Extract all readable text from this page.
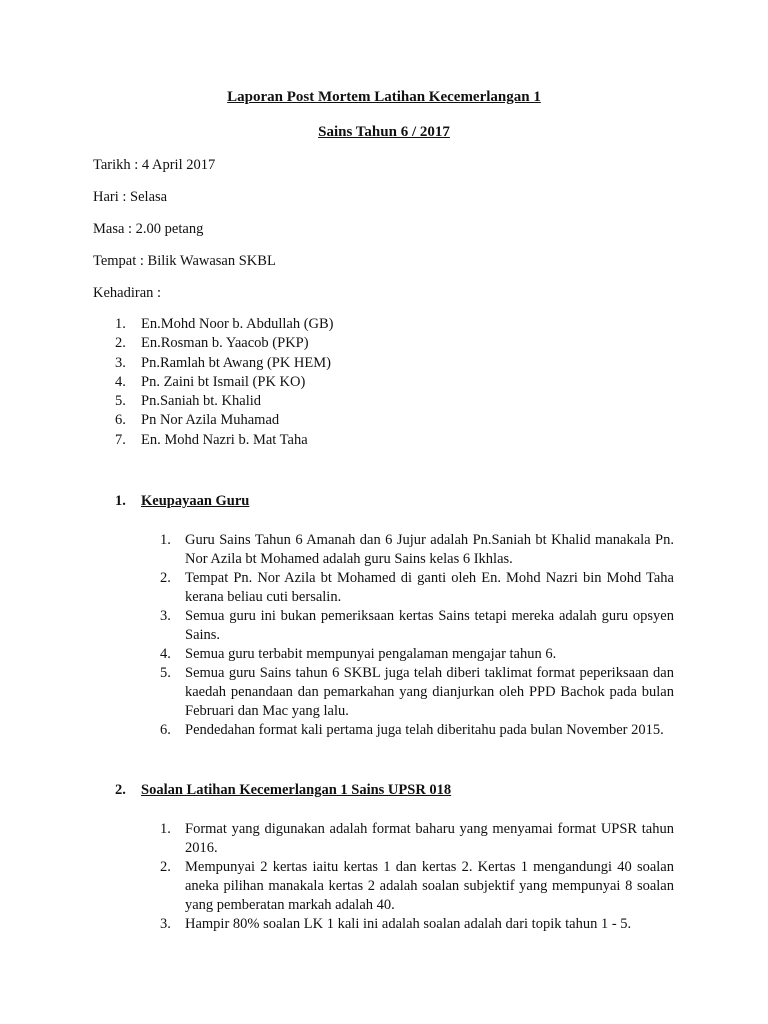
Laporan Post Mortem Latihan Kecemerlangan 1
Sains Tahun 6 / 2017
Tarikh : 4 April 2017
Hari : Selasa
Masa : 2.00 petang
Tempat : Bilik Wawasan SKBL
Kehadiran :
1. En.Mohd Noor b. Abdullah (GB)
2. En.Rosman b. Yaacob (PKP)
3. Pn.Ramlah bt Awang (PK HEM)
4. Pn. Zaini bt Ismail (PK KO)
5. Pn.Saniah bt. Khalid
6. Pn Nor Azila Muhamad
7. En. Mohd Nazri b. Mat Taha
1. Keupayaan Guru
1. Guru Sains Tahun 6 Amanah dan 6 Jujur adalah Pn.Saniah bt Khalid manakala Pn. Nor Azila bt Mohamed adalah guru Sains kelas 6 Ikhlas.
2. Tempat Pn. Nor Azila bt Mohamed di ganti oleh En. Mohd Nazri bin Mohd Taha kerana beliau cuti bersalin.
3. Semua guru ini bukan pemeriksaan kertas Sains tetapi mereka adalah guru opsyen Sains.
4. Semua guru terbabit mempunyai pengalaman mengajar tahun 6.
5. Semua guru Sains tahun 6 SKBL juga telah diberi taklimat format peperiksaan dan kaedah penandaan dan pemarkahan yang dianjurkan oleh PPD Bachok pada bulan Februari dan Mac yang lalu.
6. Pendedahan format kali pertama juga telah diberitahu pada bulan November 2015.
2. Soalan Latihan Kecemerlangan 1 Sains UPSR 018
1. Format yang digunakan adalah format baharu yang menyamai format UPSR tahun 2016.
2. Mempunyai 2 kertas iaitu kertas 1 dan kertas 2. Kertas 1 mengandungi 40 soalan aneka pilihan manakala kertas 2 adalah soalan subjektif yang mempunyai 8 soalan yang pemberatan markah adalah 40.
3. Hampir 80% soalan LK 1 kali ini adalah soalan adalah dari topik tahun 1 - 5.
